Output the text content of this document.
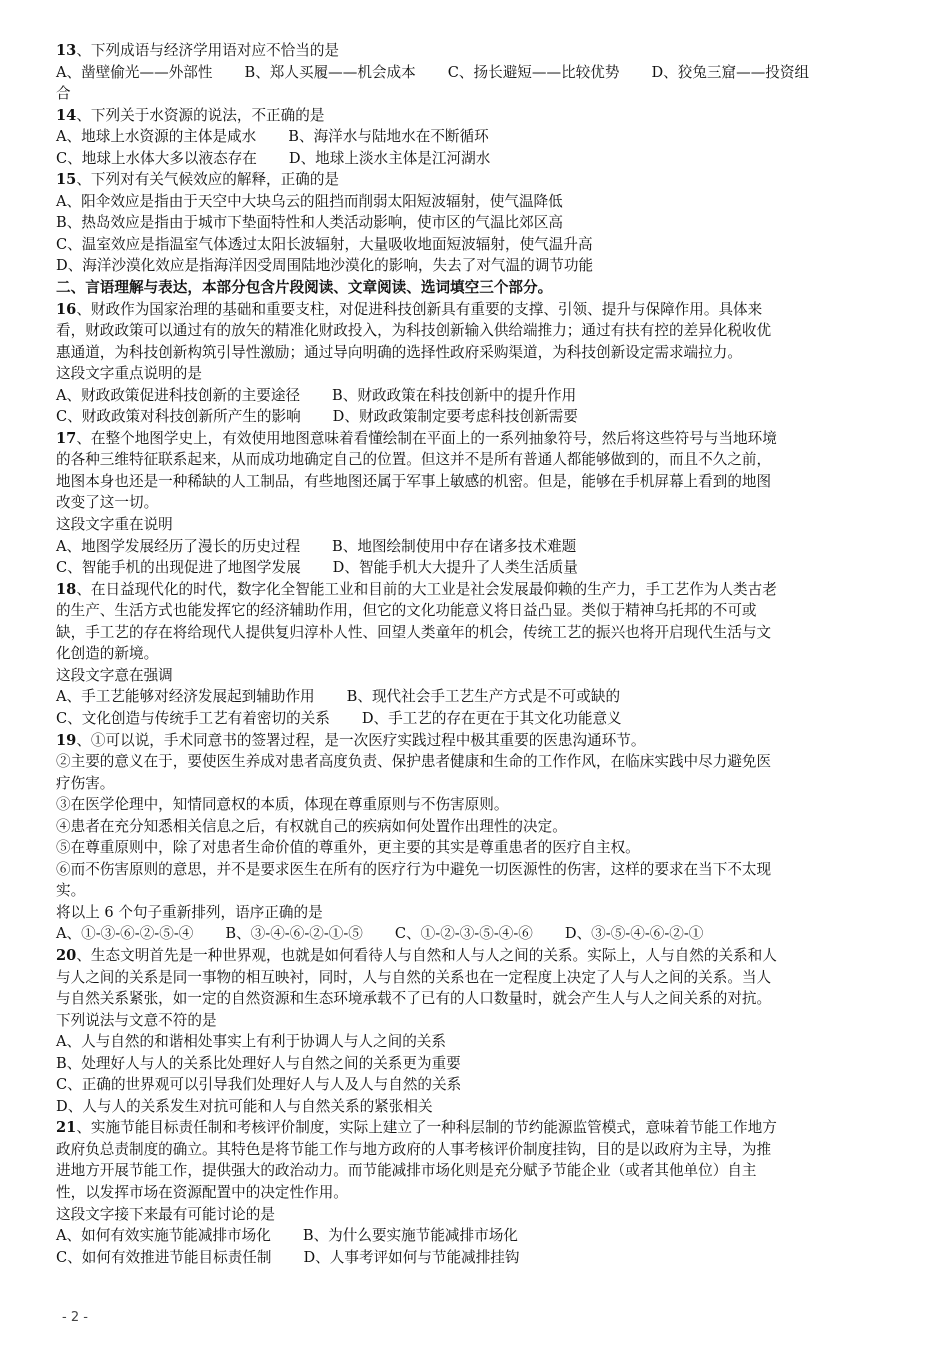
13、下列成语与经济学用语对应不恰当的是
A、凿壁偷光——外部性 B、郑人买履——机会成本 C、扬长避短——比较优势 D、狡兔三窟——投资组
合
14、下列关于水资源的说法，不正确的是
A、地球上水资源的主体是咸水 B、海洋水与陆地水在不断循环
C、地球上水体大多以液态存在 D、地球上淡水主体是江河湖水
15、下列对有关气候效应的解释，正确的是
A、阳伞效应是指由于天空中大块乌云的阻挡而削弱太阳短波辐射，使气温降低
B、热岛效应是指由于城市下垫面特性和人类活动影响，使市区的气温比郊区高
C、温室效应是指温室气体透过太阳长波辐射，大量吸收地面短波辐射，使气温升高
D、海洋沙漠化效应是指海洋因受周围陆地沙漠化的影响，失去了对气温的调节功能
二、言语理解与表达，本部分包含片段阅读、文章阅读、选词填空三个部分。
16、财政作为国家治理的基础和重要支柱，对促进科技创新具有重要的支撑、引领、提升与保障作用。具体来
看，财政政策可以通过有的放矢的精准化财政投入，为科技创新输入供给端推力；通过有扶有控的差异化税收优
惠通道，为科技创新构筑引导性激励；通过导向明确的选择性政府采购渠道，为科技创新设定需求端拉力。
这段文字重点说明的是
A、财政政策促进科技创新的主要途径 B、财政政策在科技创新中的提升作用
C、财政政策对科技创新所产生的影响 D、财政政策制定要考虑科技创新需要
17、在整个地图学史上，有效使用地图意味着看懂绘制在平面上的一系列抽象符号，然后将这些符号与当地环境
的各种三维特征联系起来，从而成功地确定自己的位置。但这并不是所有普通人都能够做到的，而且不久之前，
地图本身也还是一种稀缺的人工制品，有些地图还属于军事上敏感的机密。但是，能够在手机屏幕上看到的地图
改变了这一切。
这段文字重在说明
A、地图学发展经历了漫长的历史过程 B、地图绘制使用中存在诸多技术难题
C、智能手机的出现促进了地图学发展 D、智能手机大大提升了人类生活质量
18、在日益现代化的时代，数字化全智能工业和目前的大工业是社会发展最仰赖的生产力，手工艺作为人类古老
的生产、生活方式也能发挥它的经济辅助作用，但它的文化功能意义将日益凸显。类似于精神乌托邦的不可或
缺，手工艺的存在将给现代人提供复归淳朴人性、回望人类童年的机会，传统工艺的振兴也将开启现代生活与文
化创造的新境。
这段文字意在强调
A、手工艺能够对经济发展起到辅助作用 B、现代社会手工艺生产方式是不可或缺的
C、文化创造与传统手工艺有着密切的关系 D、手工艺的存在更在于其文化功能意义
19、①可以说，手术同意书的签署过程，是一次医疗实践过程中极其重要的医患沟通环节。
②主要的意义在于，要使医生养成对患者高度负责、保护患者健康和生命的工作作风，在临床实践中尽力避免医
疗伤害。
③在医学伦理中，知情同意权的本质，体现在尊重原则与不伤害原则。
④患者在充分知悉相关信息之后，有权就自己的疾病如何处置作出理性的决定。
⑤在尊重原则中，除了对患者生命价值的尊重外，更主要的其实是尊重患者的医疗自主权。
⑥而不伤害原则的意思，并不是要求医生在所有的医疗行为中避免一切医源性的伤害，这样的要求在当下不太现
实。
将以上 6 个句子重新排列，语序正确的是
A、①-③-⑥-②-⑤-④ B、③-④-⑥-②-①-⑤ C、①-②-③-⑤-④-⑥ D、③-⑤-④-⑥-②-①
20、生态文明首先是一种世界观，也就是如何看待人与自然和人与人之间的关系。实际上，人与自然的关系和人
与人之间的关系是同一事物的相互映衬，同时，人与自然的关系也在一定程度上决定了人与人之间的关系。当人
与自然关系紧张，如一定的自然资源和生态环境承载不了已有的人口数量时，就会产生人与人之间关系的对抗。
下列说法与文意不符的是
A、人与自然的和谐相处事实上有利于协调人与人之间的关系
B、处理好人与人的关系比处理好人与自然之间的关系更为重要
C、正确的世界观可以引导我们处理好人与人及人与自然的关系
D、人与人的关系发生对抗可能和人与自然关系的紧张相关
21、实施节能目标责任制和考核评价制度，实际上建立了一种科层制的节约能源监管模式，意味着节能工作地方
政府负总责制度的确立。其特色是将节能工作与地方政府的人事考核评价制度挂钩，目的是以政府为主导，为推
进地方开展节能工作，提供强大的政治动力。而节能减排市场化则是充分赋予节能企业（或者其他单位）自主
性，以发挥市场在资源配置中的决定性作用。
这段文字接下来最有可能讨论的是
A、如何有效实施节能减排市场化 B、为什么要实施节能减排市场化
C、如何有效推进节能目标责任制 D、人事考评如何与节能减排挂钩
- 2 -
